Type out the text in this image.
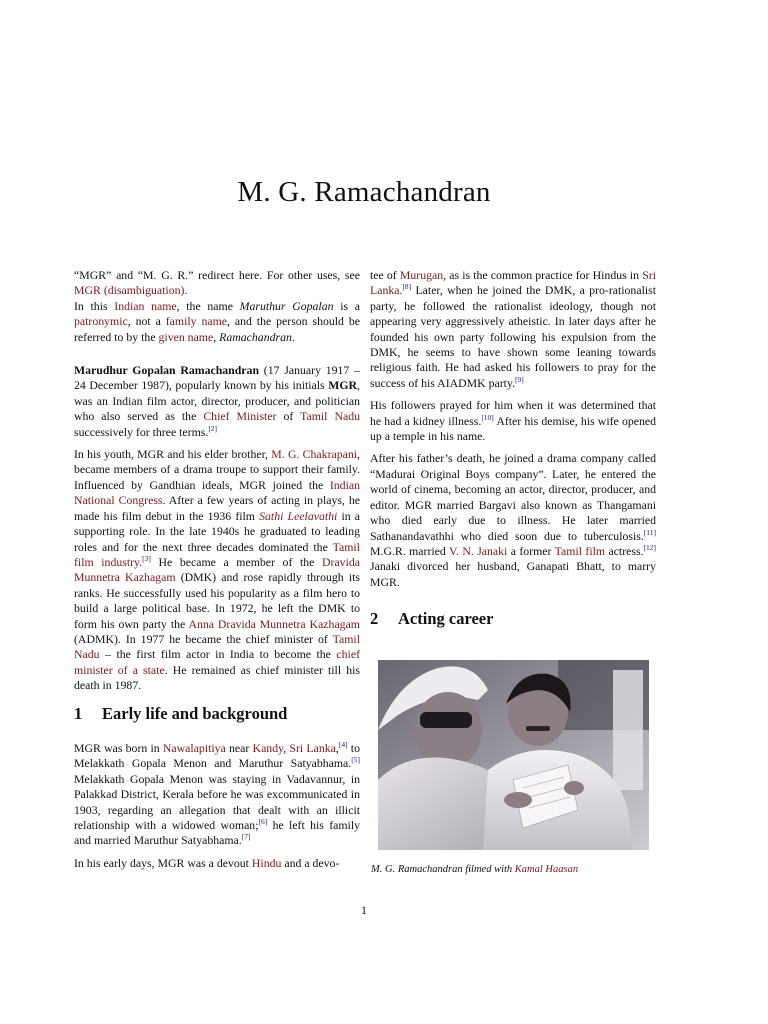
M. G. Ramachandran

“MGR” and “M. G. R.” redirect here. For other uses, see MGR (disambiguation).

In this Indian name, the name Maruthur Gopalan is a patronymic, not a family name, and the person should be referred to by the given name, Ramachandran.

Marudhur Gopalan Ramachandran (17 January 1917 – 24 December 1987), popularly known by his initials MGR, was an Indian film actor, director, producer, and politician who also served as the Chief Minister of Tamil Nadu successively for three terms.[2]

In his youth, MGR and his elder brother, M. G. Chakrapani, became members of a drama troupe to support their family. Influenced by Gandhian ideals, MGR joined the Indian National Congress. After a few years of acting in plays, he made his film debut in the 1936 film Sathi Leelavathi in a supporting role. In the late 1940s he graduated to leading roles and for the next three decades dominated the Tamil film industry.[3] He became a member of the Dravida Munnetra Kazhagam (DMK) and rose rapidly through its ranks. He successfully used his popularity as a film hero to build a large political base. In 1972, he left the DMK to form his own party the Anna Dravida Munnetra Kazhagam (ADMK). In 1977 he became the chief minister of Tamil Nadu – the first film actor in India to become the chief minister of a state. He remained as chief minister till his death in 1987.

1 Early life and background

MGR was born in Nawalapitiya near Kandy, Sri Lanka,[4] to Melakkath Gopala Menon and Maruthur Satyabhama.[5] Melakkath Gopala Menon was staying in Vadavannur, in Palakkad District, Kerala before he was excommunicated in 1903, regarding an allegation that dealt with an illicit relationship with a widowed woman;[6] he left his family and married Maruthur Satyabhama.[7]

In his early days, MGR was a devout Hindu and a devo-

tee of Murugan, as is the common practice for Hindus in Sri Lanka.[8] Later, when he joined the DMK, a pro-rationalist party, he followed the rationalist ideology, though not appearing very aggressively atheistic. In later days after he founded his own party following his expulsion from the DMK, he seems to have shown some leaning towards religious faith. He had asked his followers to pray for the success of his AIADMK party.[9]

His followers prayed for him when it was determined that he had a kidney illness.[10] After his demise, his wife opened up a temple in his name.

After his father’s death, he joined a drama company called “Madurai Original Boys company”. Later, he entered the world of cinema, becoming an actor, director, producer, and editor. MGR married Bargavi also known as Thangamani who died early due to illness. He later married Sathanandavathhi who died soon due to tuberculosis.[11] M.G.R. married V. N. Janaki a former Tamil film actress.[12] Janaki divorced her husband, Ganapati Bhatt, to marry MGR.

2 Acting career
M. G. Ramachandran filmed with Kamal Haasan
1
